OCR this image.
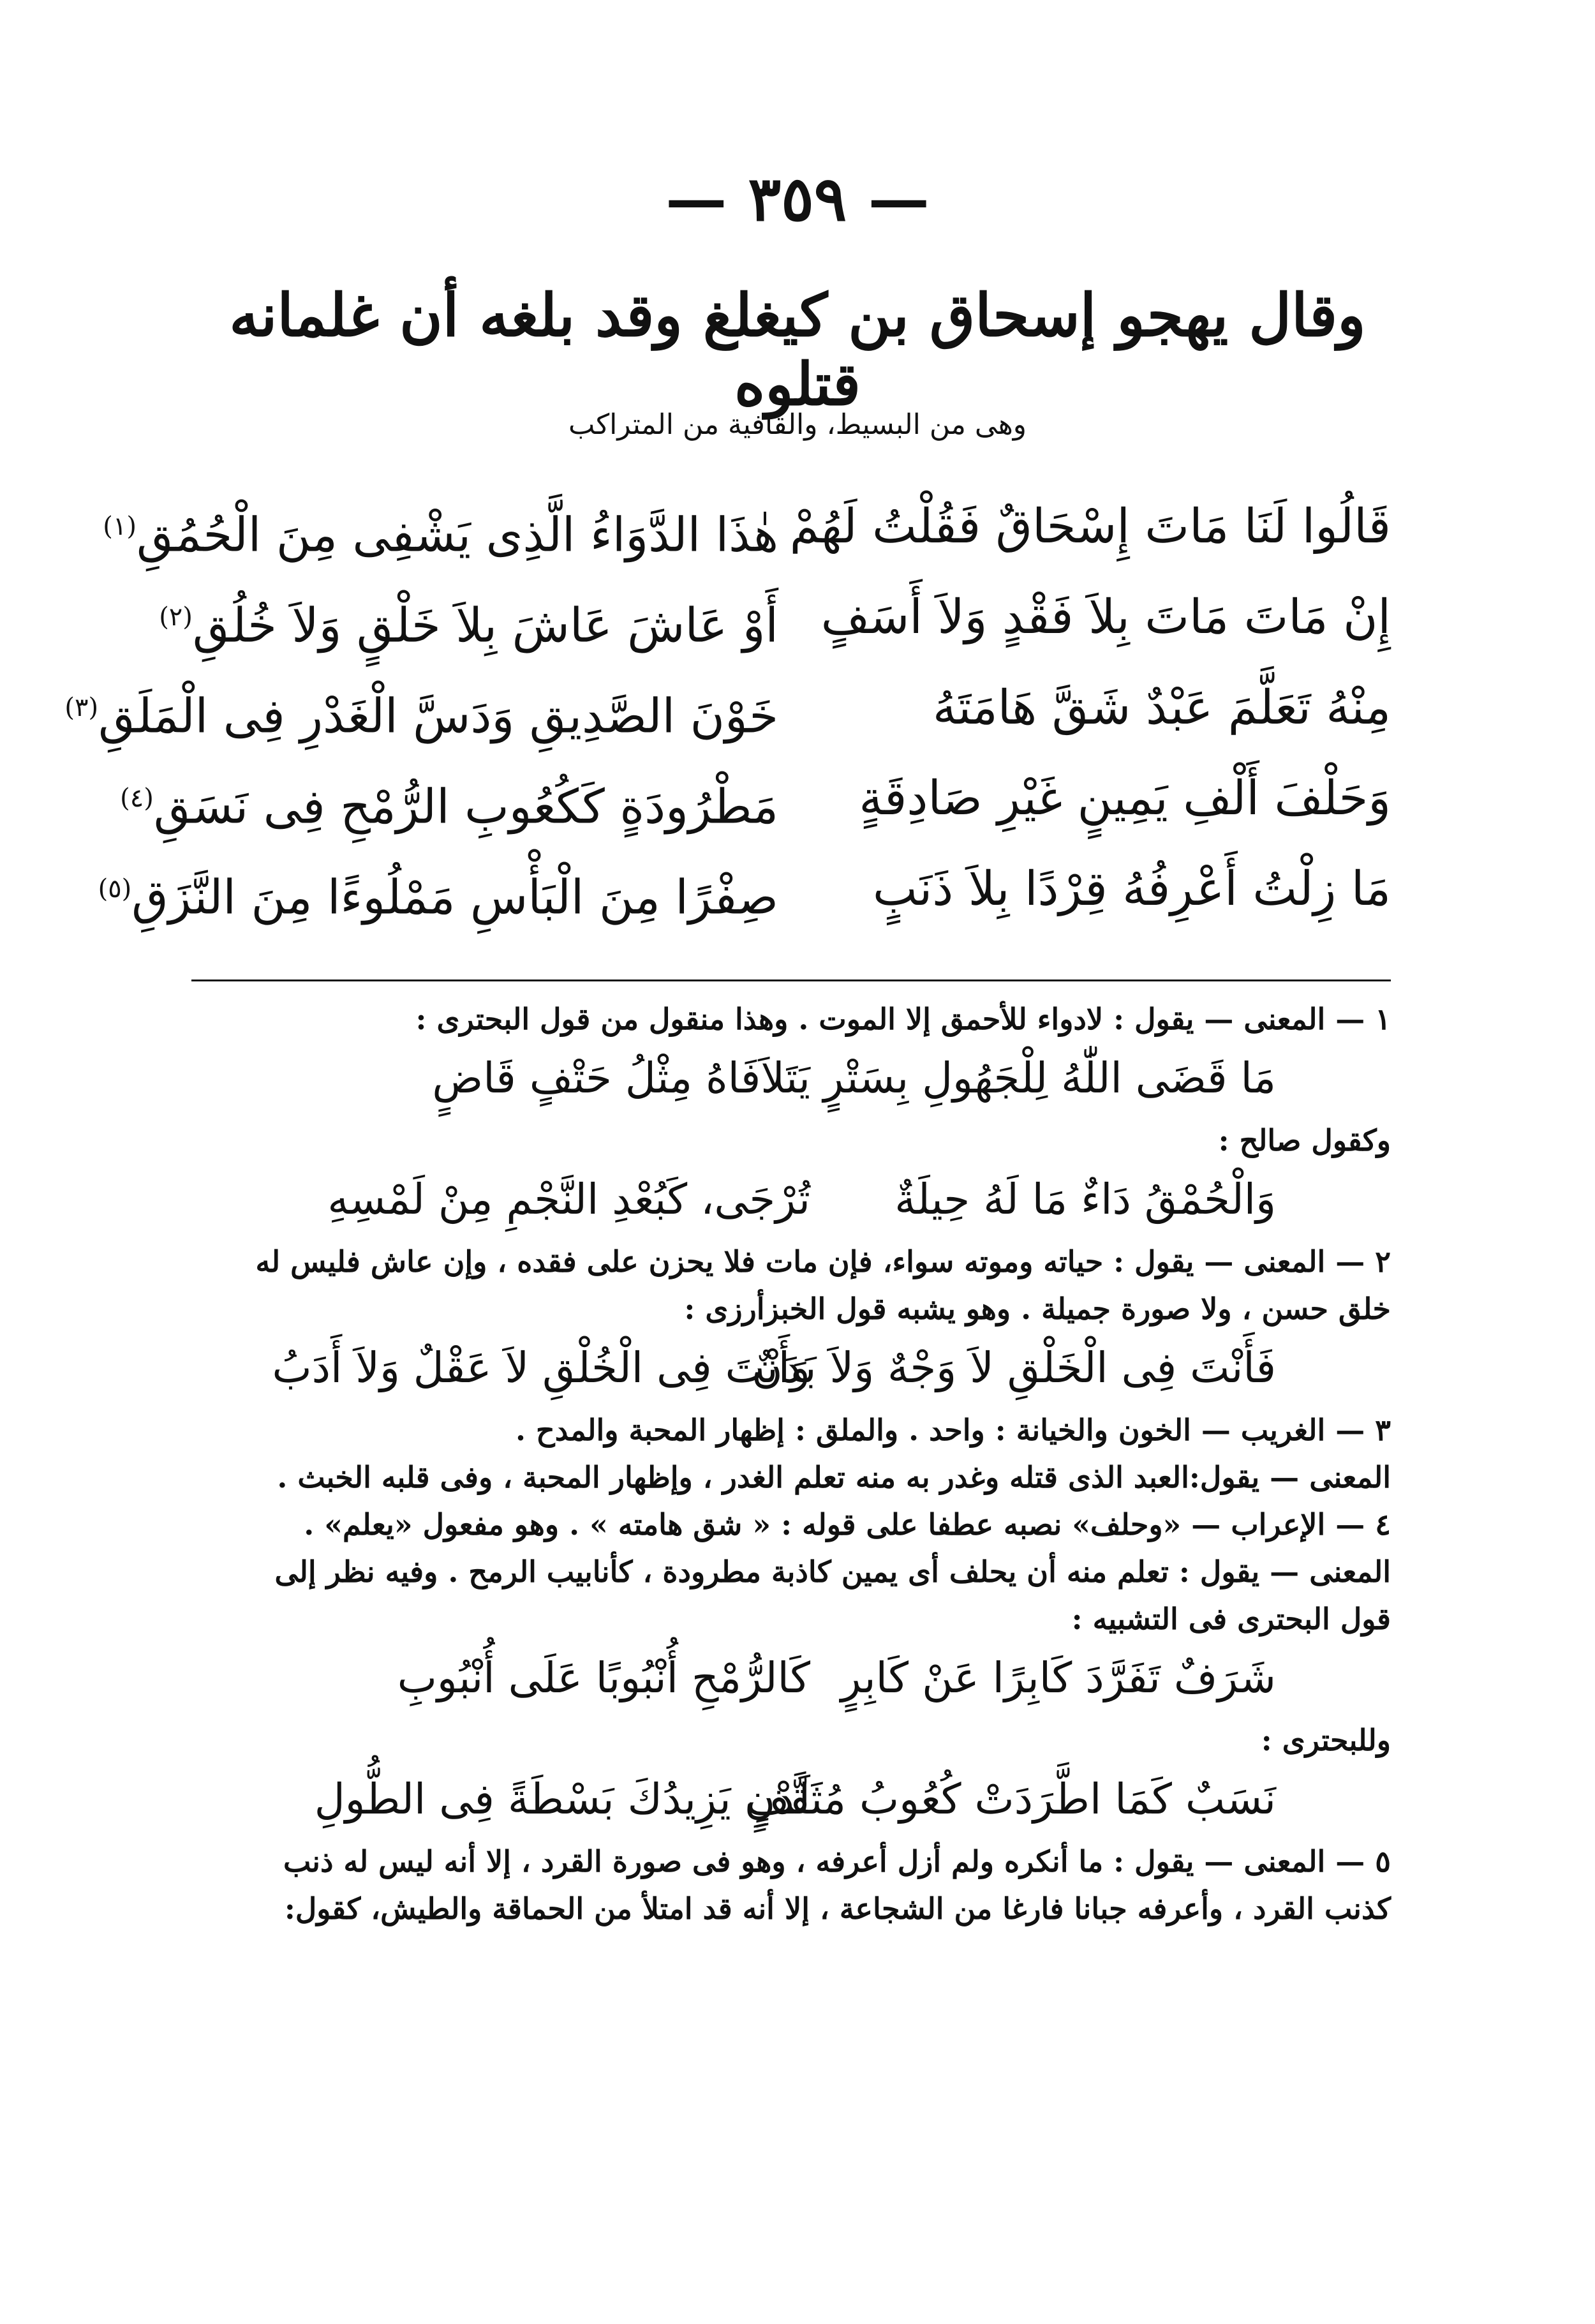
— ٣٥٩ —
وقال يهجو إسحاق بن كيغلغ وقد بلغه أن غلمانه قتلوه
وهى من البسيط، والقافية من المتراكب
قَالُوا لَنَا مَاتَ إِسْحَاقٌ فَقُلْتُ لَهُمْ
هٰذَا الدَّوَاءُ الَّذِى يَشْفِى مِنَ الْحُمُقِ$^{(١)}$
إِنْ مَاتَ مَاتَ بِلاَ فَقْدٍ وَلاَ أَسَفٍ
أَوْ عَاشَ عَاشَ بِلاَ خَلْقٍ وَلاَ خُلُقِ$^{(٢)}$
مِنْهُ تَعَلَّمَ عَبْدٌ شَقَّ هَامَتَهُ
خَوْنَ الصَّدِيقِ وَدَسَّ الْغَدْرِ فِى الْمَلَقِ$^{(٣)}$
وَحَلْفَ أَلْفِ يَمِينٍ غَيْرِ صَادِقَةٍ
مَطْرُودَةٍ كَكُعُوبِ الرُّمْحِ فِى نَسَقِ$^{(٤)}$
مَا زِلْتُ أَعْرِفُهُ قِرْدًا بِلاَ ذَنَبٍ
صِفْرًا مِنَ الْبَأْسِ مَمْلُوءًا مِنَ النَّزَقِ$^{(٥)}$
١ — المعنى — يقول : لادواء للأحمق إلا الموت . وهذا منقول من قول البحترى :
مَا قَضَى اللّٰهُ لِلْجَهُولِ بِسَتْرٍ
يَتَلاَفَاهُ مِثْلُ حَتْفٍ قَاضٍ
وكقول صالح :
وَالْحُمْقُ دَاءٌ مَا لَهُ حِيلَةٌ
تُرْجَى، كَبُعْدِ النَّجْمِ مِنْ لَمْسِهِ
٢ — المعنى — يقول : حياته وموته سواء، فإن مات فلا يحزن على فقده ، وإن عاش فليس له
خلق حسن ، ولا صورة جميلة . وهو يشبه قول الخبزأرزى :
فَأَنْتَ فِى الْخَلْقِ لاَ وَجْهٌ وَلاَ بَدَنٌ
وَأَنْتَ فِى الْخُلْقِ لاَ عَقْلٌ وَلاَ أَدَبُ
٣ — الغريب — الخون والخيانة : واحد . والملق : إظهار المحبة والمدح .
المعنى — يقول:العبد الذى قتله وغدر به منه تعلم الغدر ، وإظهار المحبة ، وفى قلبه الخبث .
٤ — الإعراب — «وحلف» نصبه عطفا على قوله : « شق هامته » . وهو مفعول «يعلم» .
المعنى — يقول : تعلم منه أن يحلف أى يمين كاذبة مطرودة ، كأنابيب الرمح . وفيه نظر إلى
قول البحترى فى التشبيه :
شَرَفٌ تَفَرَّدَ كَابِرًا عَنْ كَابِرٍ
كَالرُّمْحِ أُنْبُوبًا عَلَى أُنْبُوبِ
وللبحترى :
نَسَبٌ كَمَا اطَّرَدَتْ كُعُوبُ مُثَقَّفٍ
لَدْنٍ يَزِيدُكَ بَسْطَةً فِى الطُّولِ
٥ — المعنى — يقول : ما أنكره ولم أزل أعرفه ، وهو فى صورة القرد ، إلا أنه ليس له ذنب
كذنب القرد ، وأعرفه جبانا فارغا من الشجاعة ، إلا أنه قد امتلأ من الحماقة والطيش، كقول:
